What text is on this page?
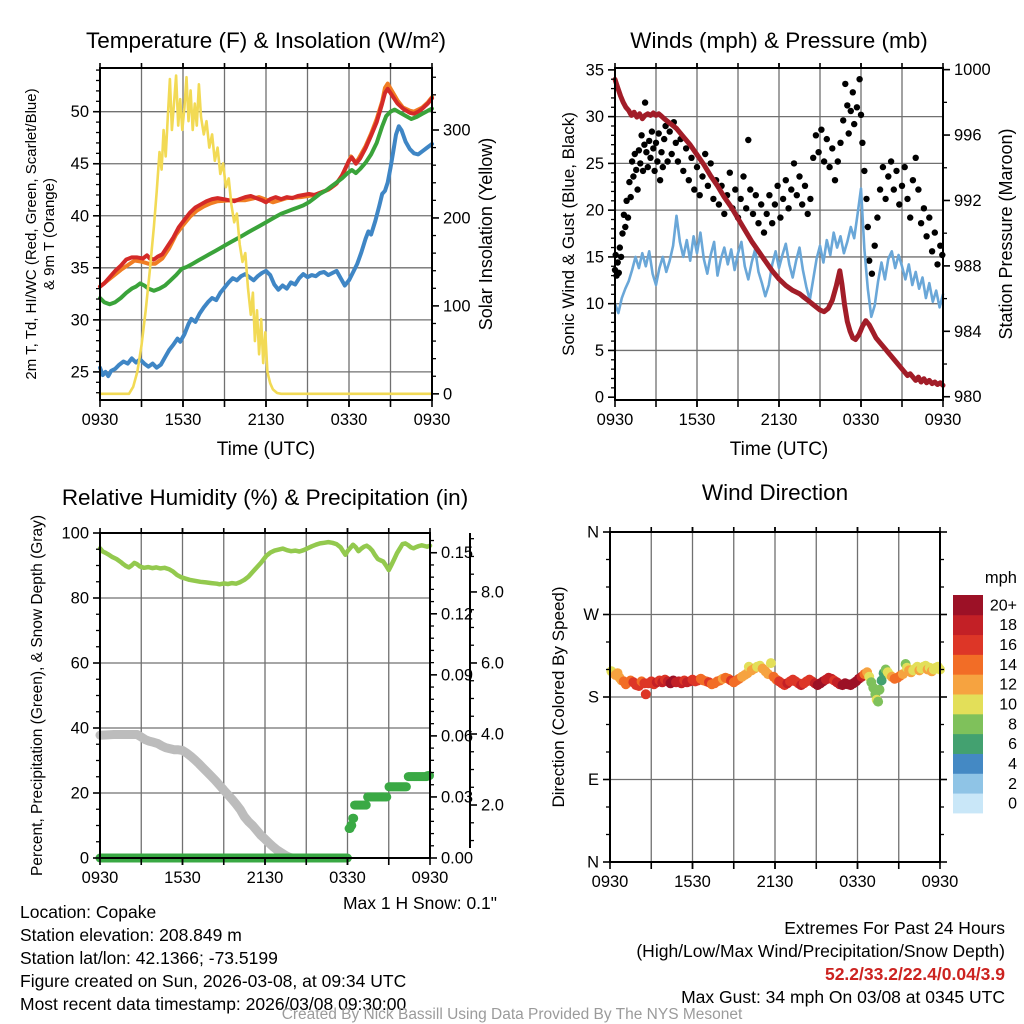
0930	1530	2130	0330	0930
Time (UTC)
25
30
35
40
45
50
0
100
200
300
2m T, Td, HI/WC (Red, Green, Scarlet/Blue) & 9m T (Orange)	Solar Insolation (Yellow)
Temperature (F) & Insolation (W/m²)
0930	1530	2130	0330	0930
Time (UTC)
0
5
10
15
20
25
30
35
980
984
988
992
996
1000
Sonic Wind & Gust (Blue, Black)	Station Pressure (Maroon)
Winds (mph) & Pressure (mb)
0930	1530	2130	0330	0930
0
20
40
60
80
100
0.00
0.03
0.06
0.09
0.12
0.15
Percent, Precipitation (Green), & Snow Depth (Gray)	2.0
4.0
6.0
8.0
Relative Humidity (%) & Precipitation (in)
0930	1530	2130	0330	0930
N
E
S
W
N
Direction (Colored By Speed)	0
2
4
6
8
10
12
14
16
18
20+
mph
Wind Direction
Max 1 H Snow: 0.1"
Location: Copake
Station elevation: 208.849 m
Station lat/lon: 42.1366; -73.5199
Figure created on Sun, 2026-03-08, at 09:34 UTC
Most recent data timestamp: 2026/03/08 09:30:00
Extremes For Past 24 Hours
(High/Low/Max Wind/Precipitation/Snow Depth)
52.2/33.2/22.4/0.04/3.9
Max Gust: 34 mph On 03/08 at 0345 UTC
Created By Nick Bassill Using Data Provided By The NYS Mesonet
